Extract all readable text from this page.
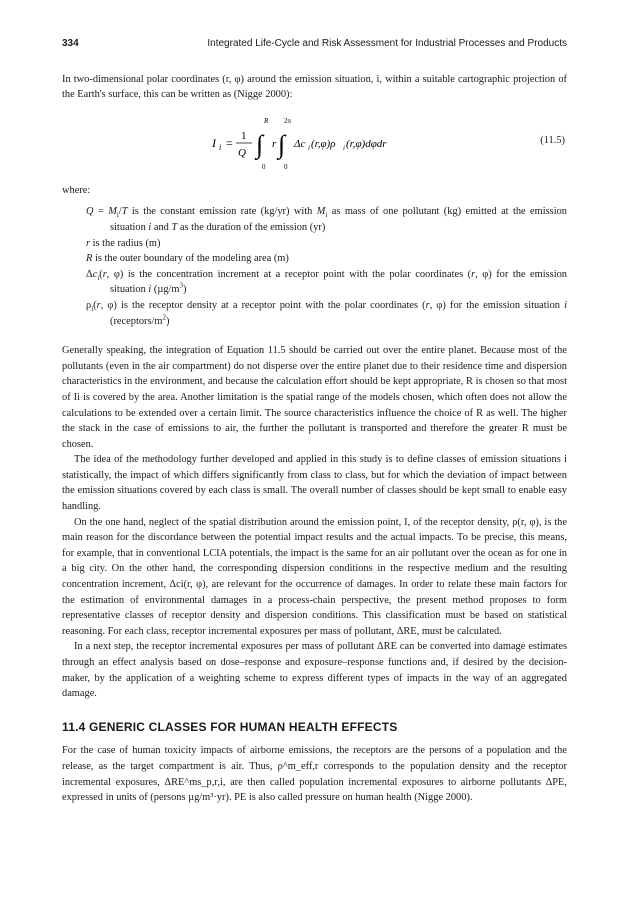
334	Integrated Life-Cycle and Risk Assessment for Industrial Processes and Products

In two-dimensional polar coordinates (r, φ) around the emission situation, i, within a suitable cartographic projection of the Earth's surface, this can be written as (Nigge 2000):

I i = 1
Q ∫
R
0
r ∫
2π
0
Δc i (r,φ)ρ i (r,φ)dφdr	(11.5)

where:

$Q = M_i/T$ is the constant emission rate (kg/yr) with $M_i$ as mass of one pollutant (kg) emitted at the emission situation i and T as the duration of the emission (yr)

r is the radius (m)

R is the outer boundary of the modeling area (m)

$\Delta c_i(r$, φ) is the concentration increment at a receptor point with the polar coordinates (r, φ) for the emission situation i $(\mu g/m^3)$

$\rho_i(r$, φ) is the receptor density at a receptor point with the polar coordinates (r, φ) for the emission situation i $(receptors/m^2)$

Generally speaking, the integration of Equation 11.5 should be carried out over the entire planet. Because most of the pollutants (even in the air compartment) do not disperse over the entire planet due to their residence time and dispersion characteristics in the environment, and because the calculation effort should be kept appropriate, R is chosen so that most of Ii is covered by the area. Another limitation is the spatial range of the models chosen, which often does not allow the calculations to be extended over a certain limit. The source characteristics influence the choice of R as well. The higher the stack in the case of emissions to air, the further the pollutant is transported and therefore the greater R must be chosen.

The idea of the methodology further developed and applied in this study is to define classes of emission situations i statistically, the impact of which differs significantly from class to class, but for which the deviation of impact between the emission situations covered by each class is small. The overall number of classes should be kept small to enable easy handling.

On the one hand, neglect of the spatial distribution around the emission point, I, of the receptor density, ρ(r, φ), is the main reason for the discordance between the potential impact results and the actual impacts. To be precise, this means, for example, that in conventional LCIA potentials, the impact is the same for an air pollutant over the ocean as for one in a big city. On the other hand, the corresponding dispersion conditions in the respective medium and the resulting concentration increment, Δci(r, φ), are relevant for the occurrence of damages. In order to relate these main factors for the estimation of environmental damages in a process-chain perspective, the present method proposes to form representative classes of receptor density and dispersion conditions. This classification must be based on statistical reasoning. For each class, receptor incremental exposures per mass of pollutant, ΔRE, must be calculated.

In a next step, the receptor incremental exposures per mass of pollutant ΔRE can be converted into damage estimates through an effect analysis based on dose–response and exposure–response functions and, if desired by the decision-maker, by the application of a weighting scheme to express different types of impacts in the way of an aggregated damage.

11.4 GENERIC CLASSES FOR HUMAN HEALTH EFFECTS

For the case of human toxicity impacts of airborne emissions, the receptors are the persons of a population and the release, as the target compartment is air. Thus, ρ^m_eff,r corresponds to the population density and the receptor incremental exposures, ΔRE^ms_p,r,i, are then called population incremental exposures to airborne pollutants ΔPE, expressed in units of (persons µg/m³·yr). PE is also called pressure on human health (Nigge 2000).
